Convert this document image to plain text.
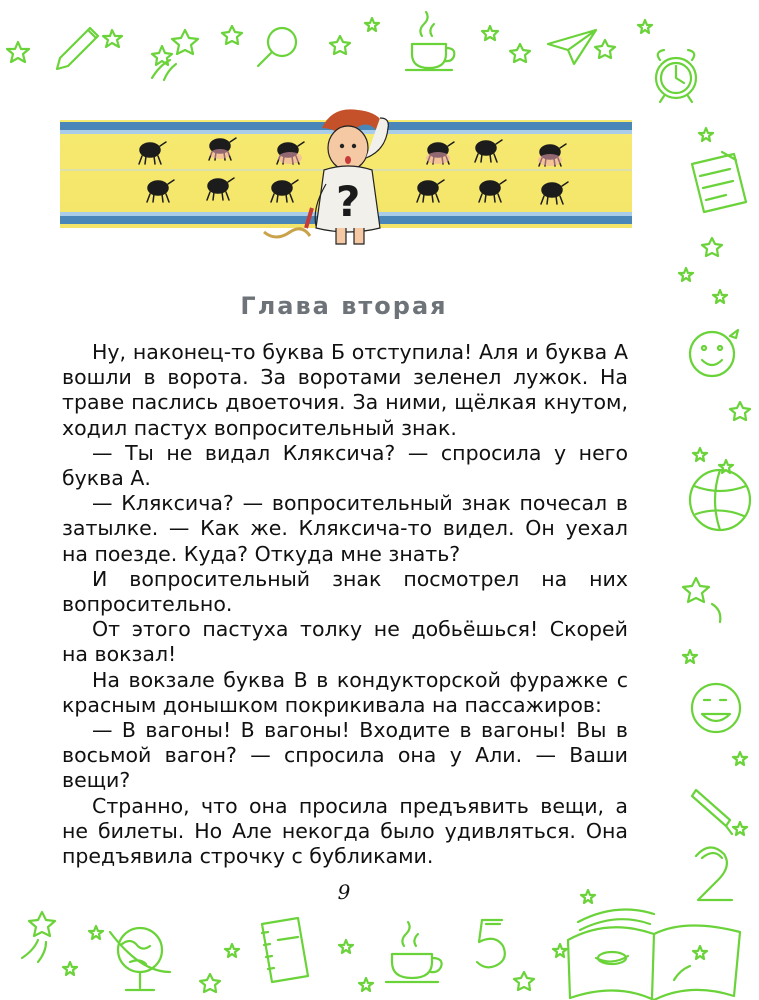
?
Глава вторая

Ну, наконец-то буква Б отступила! Аля и буква А вошли в ворота. За воротами зеленел лужок. На траве паслись двоеточия. За ними, щёлкая кнутом, ходил пастух вопросительный знак.

— Ты не видал Кляксича? — спросила у него буква А.

— Кляксича? — вопросительный знак почесал в затылке. — Как же. Кляксича-то видел. Он уехал на поезде. Куда? Откуда мне знать?

И вопросительный знак посмотрел на них вопросительно.

От этого пастуха толку не добьёшься! Скорей на вокзал!

На вокзале буква В в кондукторской фуражке с красным донышком покрикивала на пассажиров:

— В вагоны! В вагоны! Входите в вагоны! Вы в восьмой вагон? — спросила она у Али. — Ваши вещи?

Странно, что она просила предъявить вещи, а не билеты. Но Але некогда было удивляться. Она предъявила строчку с бубликами.

9
